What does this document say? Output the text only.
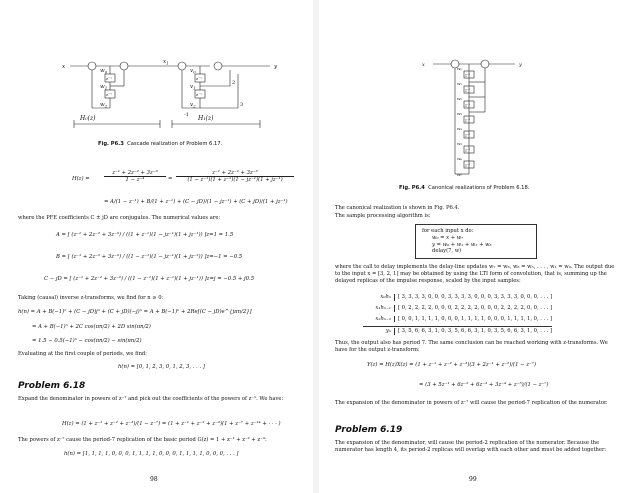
x
$x_1$
y
$w_0$
$w_1$
$w_2$
$v_0$
$v_1$
$v_2$
H₀(z)	H₁(z)
z⁻¹
z⁻¹
z⁻¹
z⁻¹
-1
2
3
Fig. P6.3 Cascade realization of Problem 6.17.
H(z) =	$\frac{\text{z⁻¹ + 2z⁻² + 3z⁻³}}{\text{1 − z⁻⁴}} = \frac{\text{z⁻¹ + 2z⁻² + 3z⁻³}}{\text{(1 − z⁻¹)(1 + z⁻¹)(1 − jz⁻¹)(1 + jz⁻¹)}}$
= A/(1 − z⁻¹) + B/(1 + z⁻¹) + (C − jD)/(1 − jz⁻¹) + (C + jD)/(1 + jz⁻¹)
where the PFE coefficients C ± jD are conjugates. The numerical values are:
A = [ (z⁻¹ + 2z⁻² + 3z⁻³) / ((1 + z⁻¹)(1 − jz⁻¹)(1 + jz⁻¹)) ]z=1 = 1.5
B = [ (z⁻¹ + 2z⁻² + 3z⁻³) / ((1 − z⁻¹)(1 − jz⁻¹)(1 + jz⁻¹)) ]z=−1 = −0.5
C − jD = [ (z⁻¹ + 2z⁻² + 3z⁻³) / ((1 − z⁻¹)(1 + z⁻¹)(1 + jz⁻¹)) ]z=j = −0.5 + j0.5
Taking (causal) inverse z-transforms, we find for n ≥ 0:
h(n) = A + B(−1)ⁿ + (C − jD)jⁿ + (C + jD)(−j)ⁿ = A + B(−1)ⁿ + 2Re[(C − jD)e^{jπn/2}]
= A + B(−1)ⁿ + 2C cos(πn/2) + 2D sin(πn/2)
= 1.5 − 0.5(−1)ⁿ − cos(πn/2) − sin(πn/2)
Evaluating at the first couple of periods, we find:
h(n) = [0, 1, 2, 3, 0, 1, 2, 3, . . . ]
Problem 6.18
Expand the denominator in powers of z⁻⁷ and pick out the coefficients of the powers of z⁻¹. We have:
H(z) = (1 + z⁻¹ + z⁻² + z⁻³)/(1 − z⁻⁷) = (1 + z⁻¹ + z⁻² + z⁻³)(1 + z⁻⁷ + z⁻¹⁴ + · · · )
The powers of z⁻⁷ cause the period-7 replication of the basic period G(z) = 1 + z⁻¹ + z⁻² + z⁻³:
h(n) = [1, 1, 1, 1, 0, 0, 0, 1, 1, 1, 1, 0, 0, 0, 1, 1, 1, 1, 0, 0, 0, . . . ]
98
x	y
w₀
w₁
w₂
w₃
w₄
w₅
w₆
w₇
z⁻¹
z⁻¹
z⁻¹
z⁻¹
z⁻¹
z⁻¹
z⁻¹
Fig. P6.4 Canonical realizations of Problem 6.18.
The canonical realization is shown in Fig. P6.4.
The sample processing algorithm is:
for each input x do:
w₀ = x + w₇
y = w₀ + w₁ + w₂ + w₃
delay(7, w)
where the call to delay implements the delay-line updates w₇ = w₆, w₆ = w₅, . . . , w₁ = w₀. The output due to the input x = [3, 2, 1] may be obtained by using the LTI form of convolution, that is, summing up the delayed replicas of the impulse response, scaled by the input samples:
x₀hₙ	[ 3, 3, 3, 3, 0, 0, 0, 3, 3, 3, 3, 0, 0, 0, 3, 3, 3, 3, 0, 0, 0, . . . ]
x₁hₙ₋₁	[ 0, 2, 2, 2, 2, 0, 0, 0, 2, 2, 2, 2, 0, 0, 0, 2, 2, 2, 2, 0, 0, . . . ]
x₂hₙ₋₂	[ 0, 0, 1, 1, 1, 1, 0, 0, 0, 1, 1, 1, 1, 0, 0, 0, 1, 1, 1, 1, 0, . . . ]
yₙ	[ 3, 5, 6, 6, 3, 1, 0, 3, 5, 6, 6, 3, 1, 0, 3, 5, 6, 6, 3, 1, 0, . . . ]
Thus, the output also has period 7. The same conclusion can be reached working with z-transforms. We have for the output z-transform:
Y(z) = H(z)X(z) = (1 + z⁻¹ + z⁻² + z⁻³)(3 + 2z⁻¹ + z⁻²)/(1 − z⁻⁷)
= (3 + 5z⁻¹ + 6z⁻² + 6z⁻³ + 3z⁻⁴ + z⁻⁵)/(1 − z⁻⁷)
The expansion of the denominator in powers of z⁻⁷ will cause the period-7 replication of the numerator.
Problem 6.19
The expansion of the denominator, will cause the period-2 replication of the numerator. Because the numerator has length 4, its period-2 replicas will overlap with each other and must be added together:
99
